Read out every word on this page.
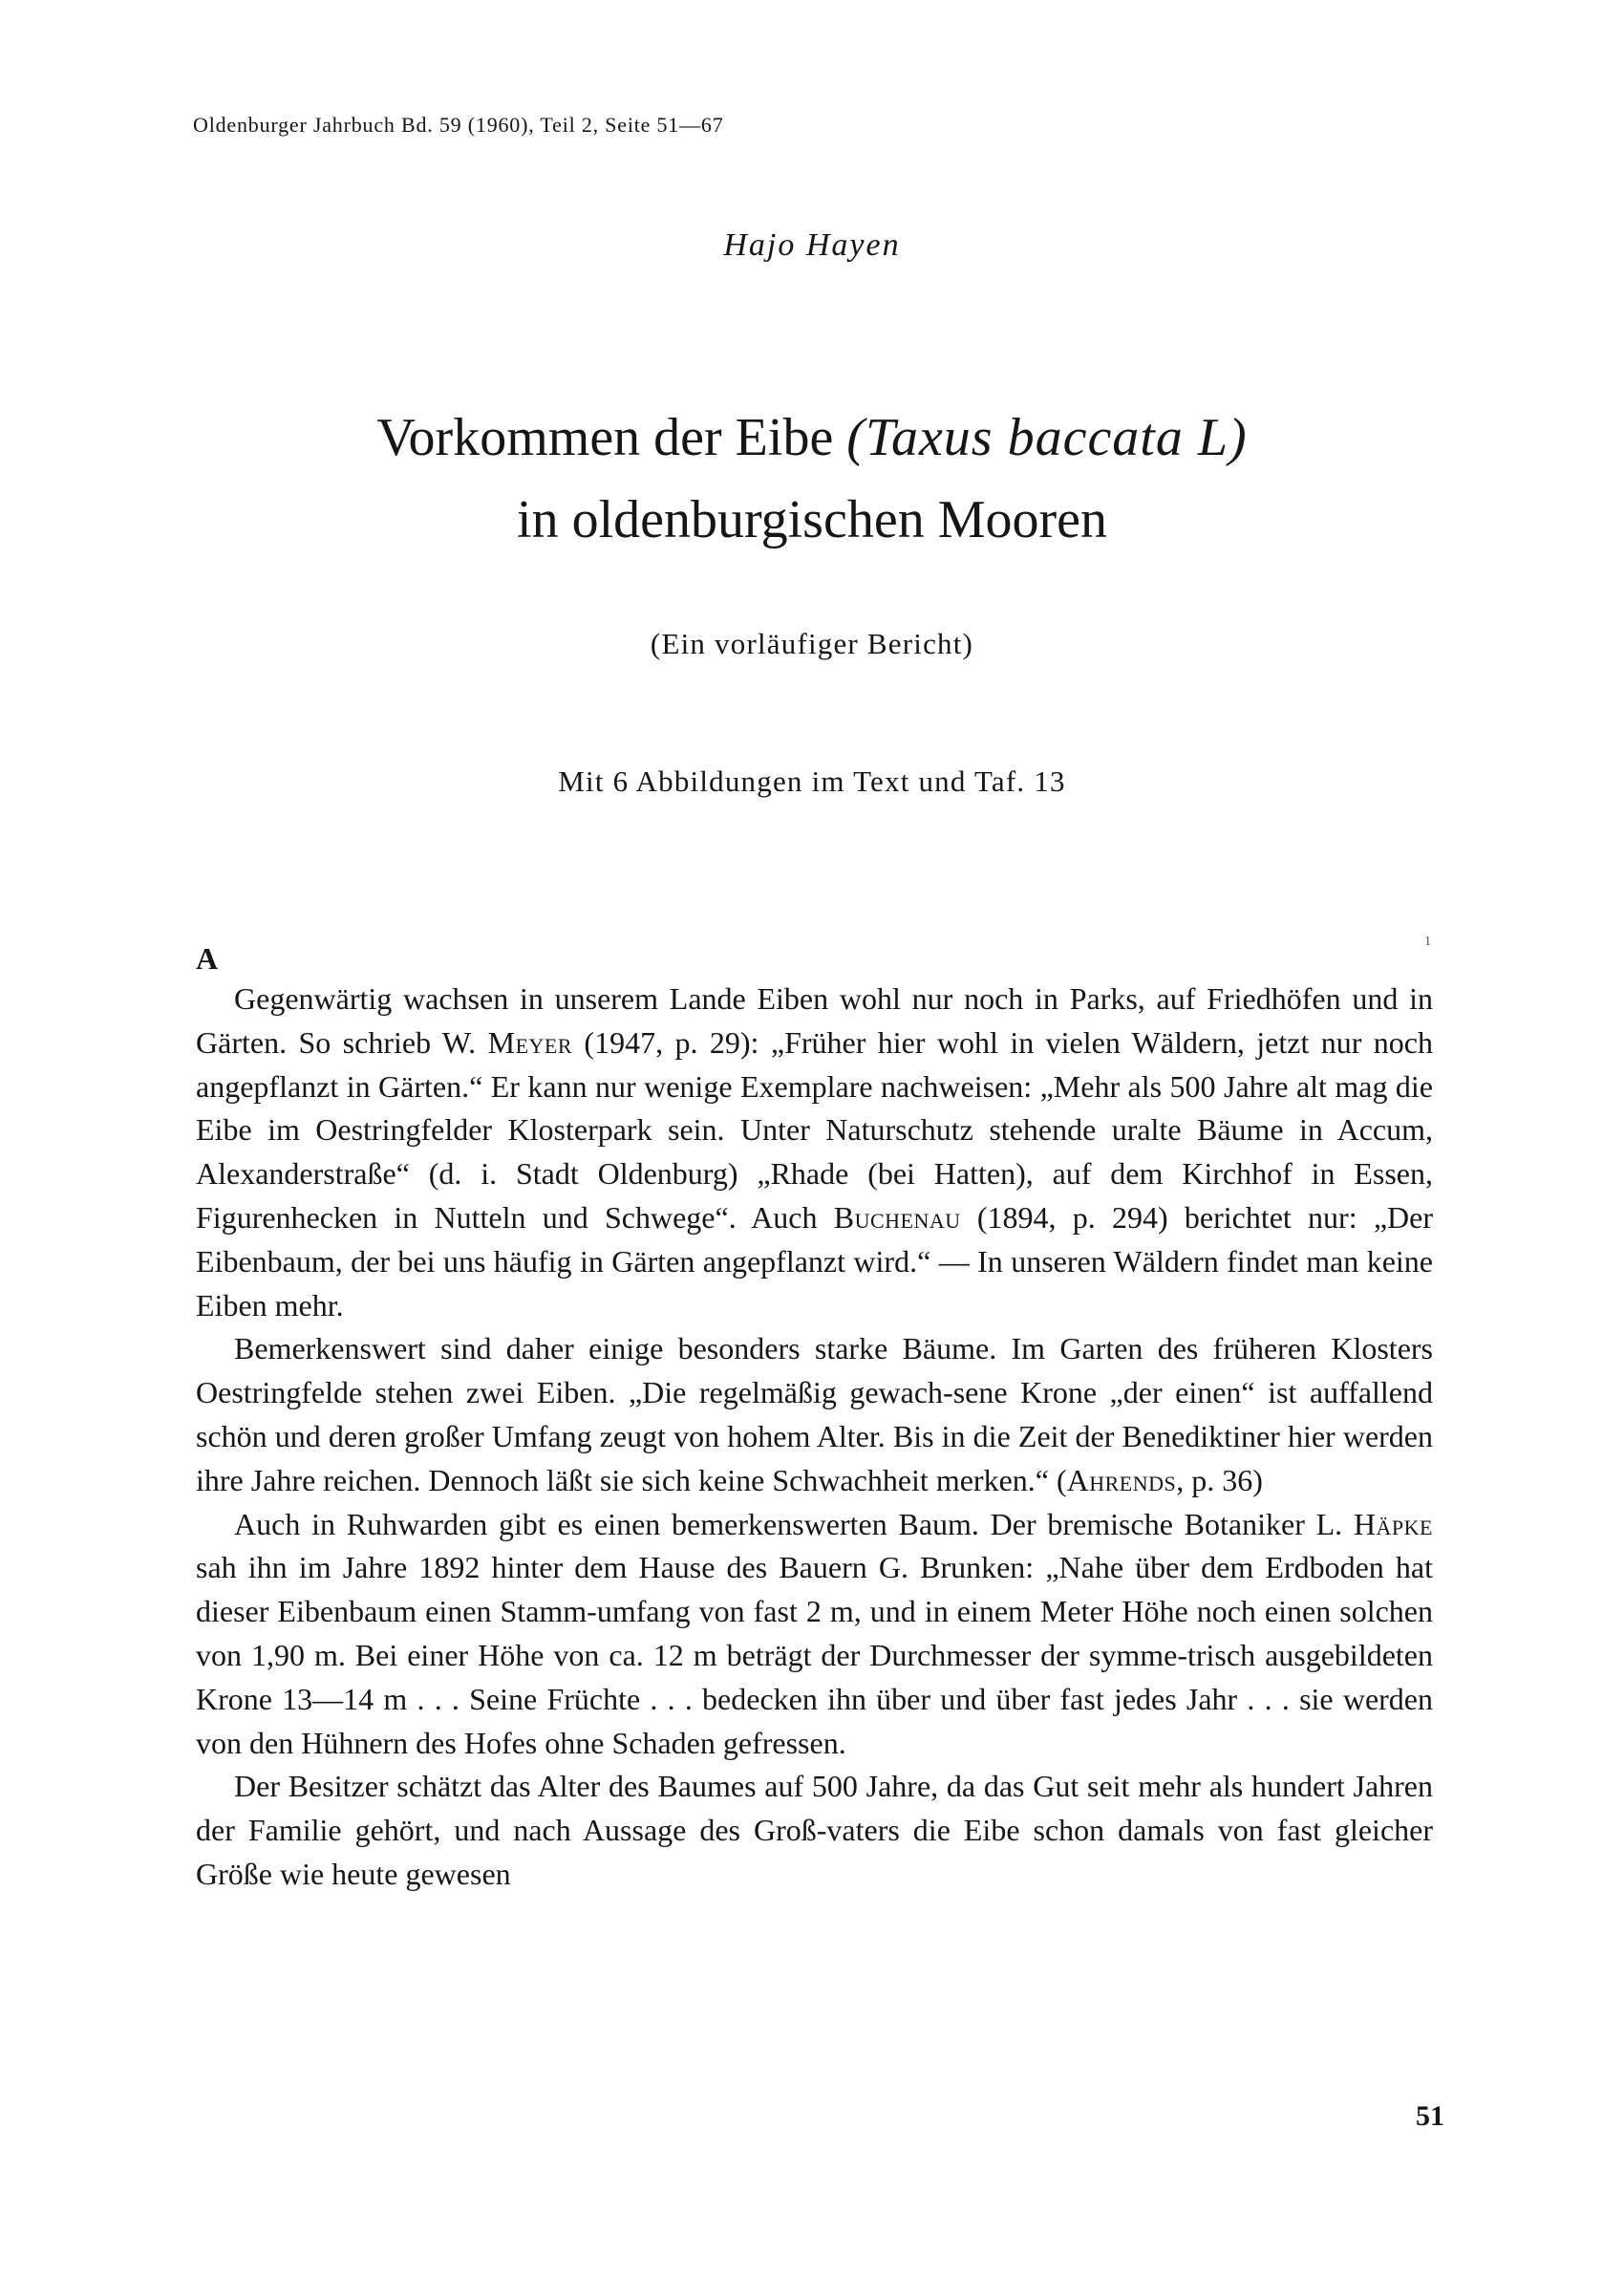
Oldenburger Jahrbuch Bd. 59 (1960), Teil 2, Seite 51—67
Hajo Hayen
Vorkommen der Eibe (Taxus baccata L)
in oldenburgischen Mooren
(Ein vorläufiger Bericht)
Mit 6 Abbildungen im Text und Taf. 13
A	1

Gegenwärtig wachsen in unserem Lande Eiben wohl nur noch in Parks, auf Friedhöfen und in Gärten. So schrieb W. Meyer (1947, p. 29): „Früher hier wohl in vielen Wäldern, jetzt nur noch angepflanzt in Gärten.“ Er kann nur wenige Exemplare nachweisen: „Mehr als 500 Jahre alt mag die Eibe im Oestringfelder Klosterpark sein. Unter Naturschutz stehende uralte Bäume in Accum, Alexanderstraße“ (d. i. Stadt Oldenburg) „Rhade (bei Hatten), auf dem Kirchhof in Essen, Figurenhecken in Nutteln und Schwege“. Auch Buchenau (1894, p. 294) berichtet nur: „Der Eibenbaum, der bei uns häufig in Gärten angepflanzt wird.“ — In unseren Wäldern findet man keine Eiben mehr.

Bemerkenswert sind daher einige besonders starke Bäume. Im Garten des früheren Klosters Oestringfelde stehen zwei Eiben. „Die regelmäßig gewach-sene Krone „der einen“ ist auffallend schön und deren großer Umfang zeugt von hohem Alter. Bis in die Zeit der Benediktiner hier werden ihre Jahre reichen. Dennoch läßt sie sich keine Schwachheit merken.“ (Ahrends, p. 36)

Auch in Ruhwarden gibt es einen bemerkenswerten Baum. Der bremische Botaniker L. Häpke sah ihn im Jahre 1892 hinter dem Hause des Bauern G. Brunken: „Nahe über dem Erdboden hat dieser Eibenbaum einen Stamm-umfang von fast 2 m, und in einem Meter Höhe noch einen solchen von 1,90 m. Bei einer Höhe von ca. 12 m beträgt der Durchmesser der symme-trisch ausgebildeten Krone 13—14 m . . . Seine Früchte . . . bedecken ihn über und über fast jedes Jahr . . . sie werden von den Hühnern des Hofes ohne Schaden gefressen.

Der Besitzer schätzt das Alter des Baumes auf 500 Jahre, da das Gut seit mehr als hundert Jahren der Familie gehört, und nach Aussage des Groß-vaters die Eibe schon damals von fast gleicher Größe wie heute gewesen

51
